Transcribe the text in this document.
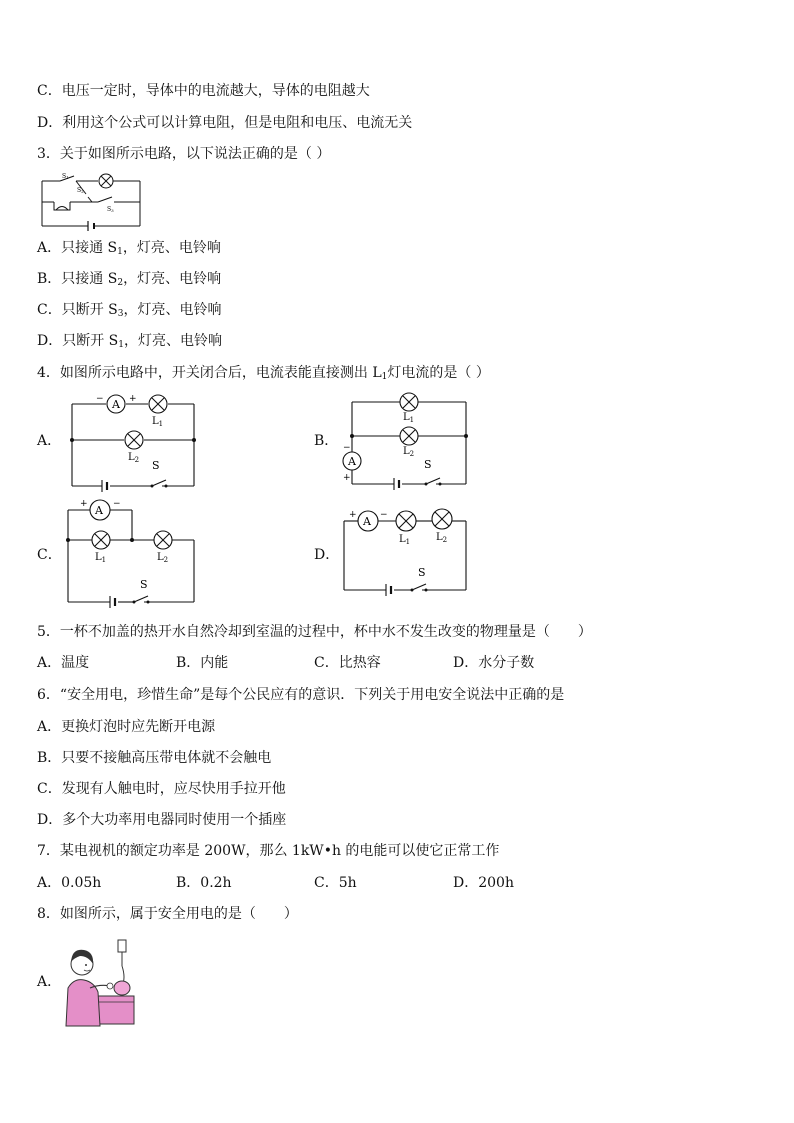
C．电压一定时，导体中的电流越大，导体的电阻越大
D．利用这个公式可以计算电阻，但是电阻和电压、电流无关
3．关于如图所示电路，以下说法正确的是（ ）
S1
S2
S3
A．只接通 $S_1$，灯亮、电铃响
B．只接通 $S_2$，灯亮、电铃响
C．只断开 $S_3$，灯亮、电铃响
D．只断开 $S_1$，灯亮、电铃响
4．如图所示电路中，开关闭合后，电流表能直接测出 $L_1$灯电流的是（ ）
A．	B．
C．	D．
A
−	+
$L_1$
$L_2$ S	A
−
+
$L_1$
$L_2$
S
A
+	−
$L_1$	$L_2$
S
A
+	−
$L_1$	$L_2$
S
5．一杯不加盖的热开水自然冷却到室温的过程中，杯中水不发生改变的物理量是（　　）
A．温度	B．内能	C．比热容	D．水分子数
6．“安全用电，珍惜生命”是每个公民应有的意识．下列关于用电安全说法中正确的是
A．更换灯泡时应先断开电源
B．只要不接触高压带电体就不会触电
C．发现有人触电时，应尽快用手拉开他
D．多个大功率用电器同时使用一个插座
7．某电视机的额定功率是 200W，那么 1kW•h 的电能可以使它正常工作
A．0.05h	B．0.2h	C．5h	D．200h
8．如图所示，属于安全用电的是（　　）
A．
